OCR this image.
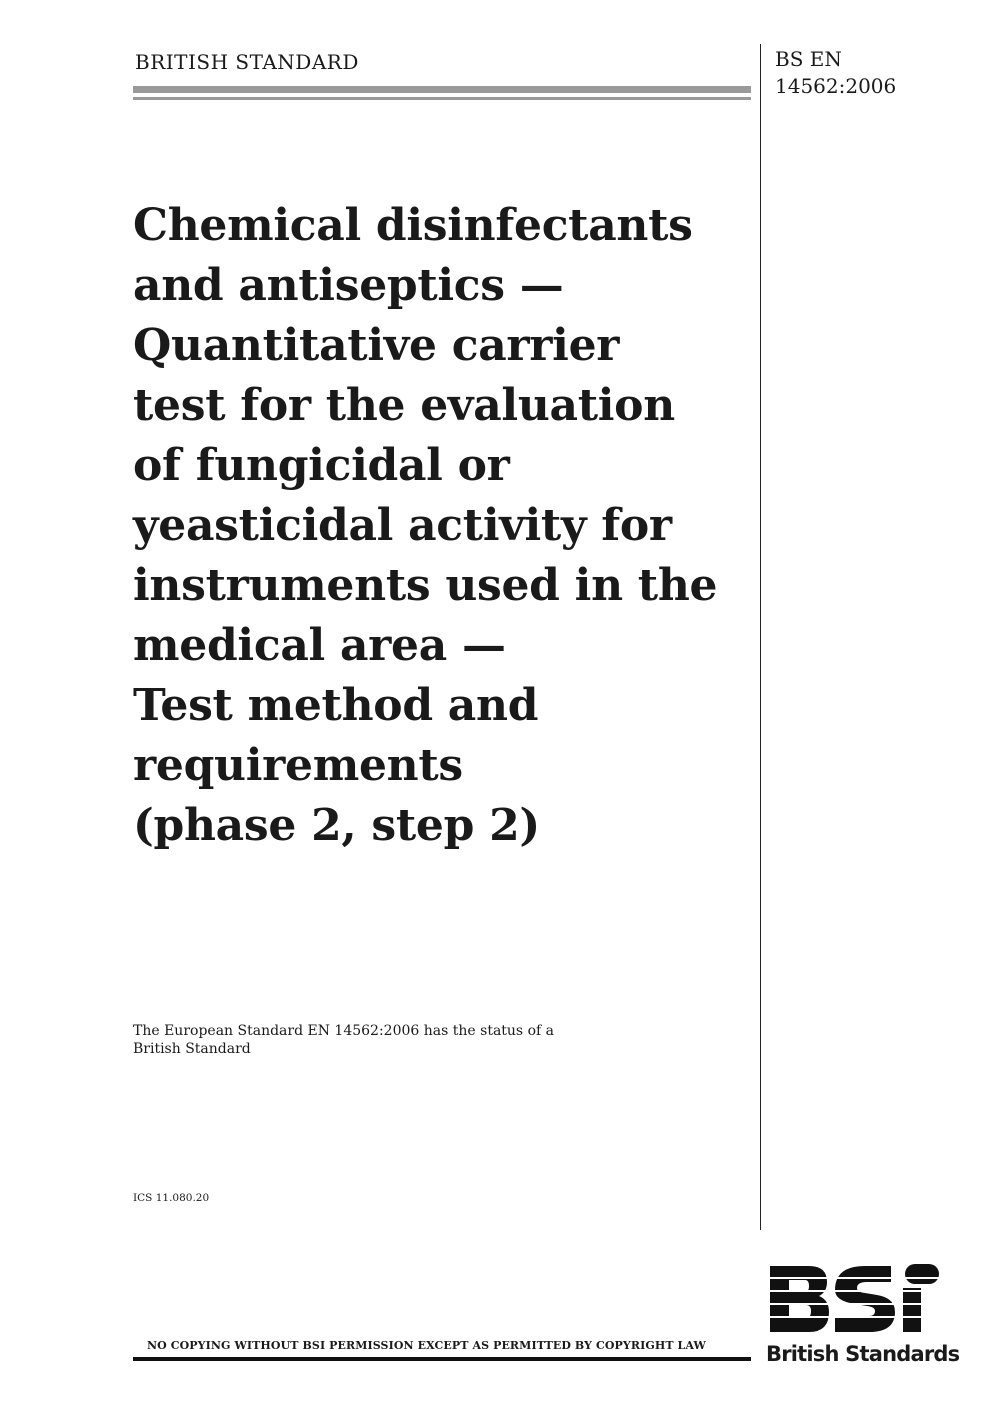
BRITISH STANDARD	BS EN
14562:2006
Chemical disinfectants
and antiseptics —
Quantitative carrier
test for the evaluation
of fungicidal or
yeasticidal activity for
instruments used in the
medical area —
Test method and
requirements
(phase 2, step 2)
The European Standard EN 14562:2006 has the status of a
British Standard
ICS 11.080.20
NO COPYING WITHOUT BSI PERMISSION EXCEPT AS PERMITTED BY COPYRIGHT LAW	British Standards
